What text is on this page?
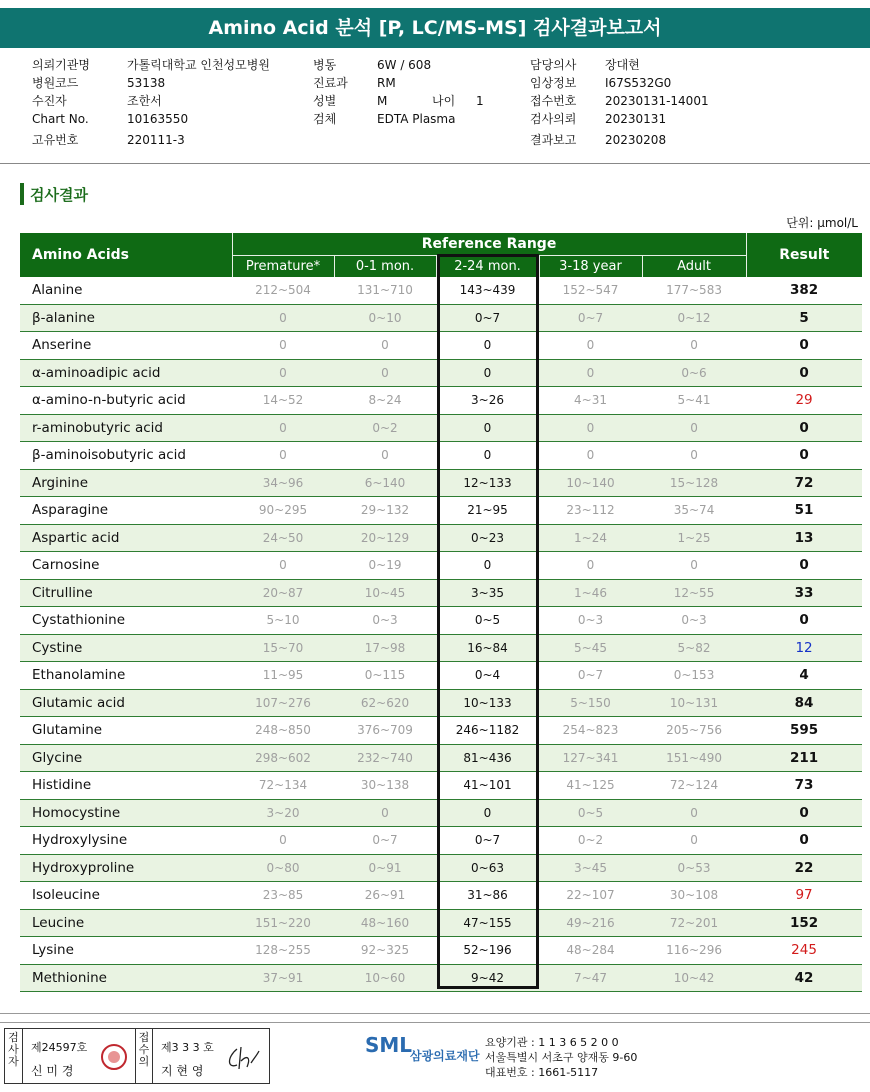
Amino Acid 분석 [P, LC/MS-MS] 검사결과보고서
의뢰기관명	가톨릭대학교 인천성모병원
병원코드	53138
수진자	조한서
Chart No.	10163550
고유번호	220111-3
병동	6W / 608
진료과 RM
성별	M
검체	EDTA Plasma
담당의사 장대현
임상정보 I67S532G0
접수번호 20230131-14001
검사의뢰 20230131
결과보고 20230208
나이 1
검사결과
단위: µmol/L
Amino Acids	Reference Range					Result
	Premature*	0-1 mon.	2-24 mon.	3-18 year	Adult	
Alanine	212~504	131~710	143~439	152~547	177~583	382
β-alanine	0	0~10	0~7	0~7	0~12	5
Anserine	0	0	0	0	0	0
α-aminoadipic acid	0	0	0	0	0~6	0
α-amino-n-butyric acid	14~52	8~24	3~26	4~31	5~41	29
r-aminobutyric acid	0	0~2	0	0	0	0
β-aminoisobutyric acid	0	0	0	0	0	0
Arginine	34~96	6~140	12~133	10~140	15~128	72
Asparagine	90~295	29~132	21~95	23~112	35~74	51
Aspartic acid	24~50	20~129	0~23	1~24	1~25	13
Carnosine	0	0~19	0	0	0	0
Citrulline	20~87	10~45	3~35	1~46	12~55	33
Cystathionine	5~10	0~3	0~5	0~3	0~3	0
Cystine	15~70	17~98	16~84	5~45	5~82	12
Ethanolamine	11~95	0~115	0~4	0~7	0~153	4
Glutamic acid	107~276	62~620	10~133	5~150	10~131	84
Glutamine	248~850	376~709	246~1182	254~823	205~756	595
Glycine	298~602	232~740	81~436	127~341	151~490	211
Histidine	72~134	30~138	41~101	41~125	72~124	73
Homocystine	3~20	0	0	0~5	0	0
Hydroxylysine	0	0~7	0~7	0~2	0	0
Hydroxyproline	0~80	0~91	0~63	3~45	0~53	22
Isoleucine	23~85	26~91	31~86	22~107	30~108	97
Leucine	151~220	48~160	47~155	49~216	72~201	152
Lysine	128~255	92~325	52~196	48~284	116~296	245
Methionine	37~91	10~60	9~42	7~47	10~42	42
검사자
제24597호
신 미 경
접수의
제3 3 3 호
지 현 영
SML
삼광의료재단
요양기관 : 1 1 3 6 5 2 0 0
서울특별시 서초구 양재동 9-60
대표번호 : 1661-5117
